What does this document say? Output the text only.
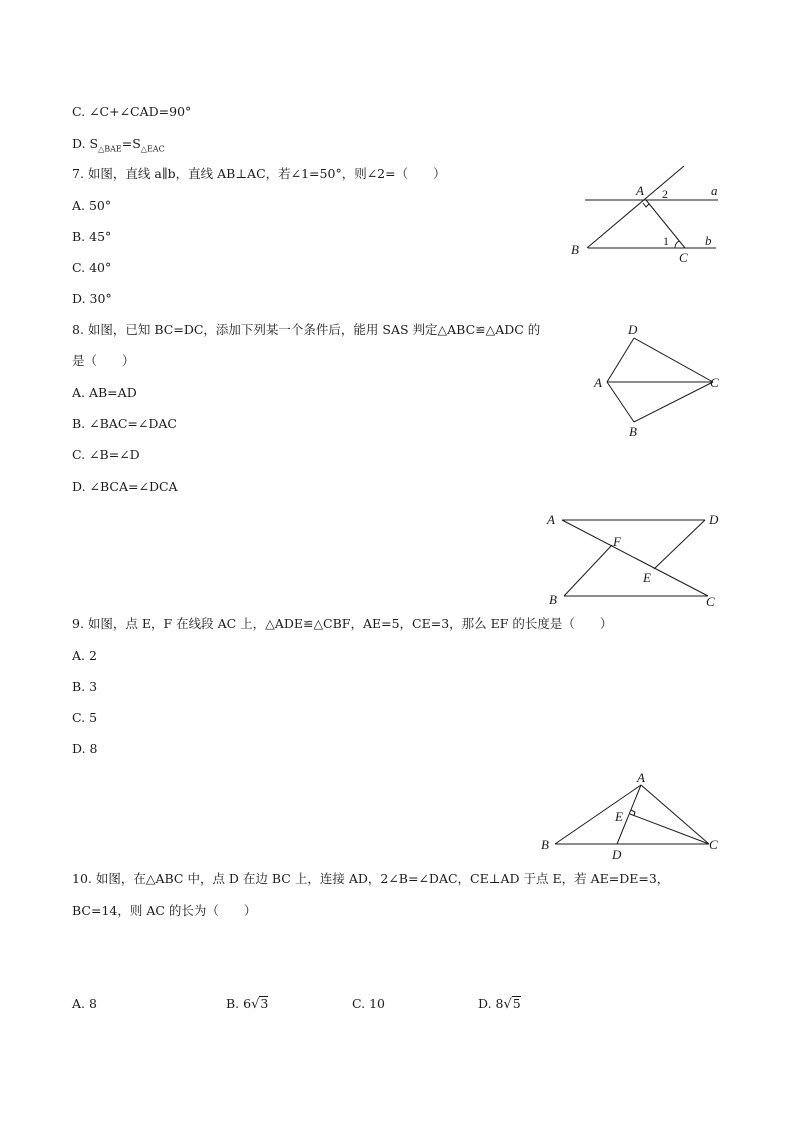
C. ∠C+∠CAD=90°
D. $S_{\triangle BAE}=S_{\triangle EAC}$
7. 如图，直线 a∥b，直线 AB⊥AC，若∠1=50°，则∠2=（　　）
A. 50°
B. 45°
C. 40°
D. 30°
A
B
C
a
b
1
2
8. 如图，已知 BC=DC，添加下列某一个条件后，能用 SAS 判定△ABC≌△ADC 的
是（　　）
A. AB=AD
B. ∠BAC=∠DAC
C. ∠B=∠D
D. ∠BCA=∠DCA
A
B
C
D
A
B	C
D
E
F
9. 如图，点 E，F 在线段 AC 上，△ADE≌△CBF，AE=5，CE=3，那么 EF 的长度是（　　）
A. 2
B. 3
C. 5
D. 8
A
B	C
D
E
10. 如图，在△ABC 中，点 D 在边 BC 上，连接 AD，2∠B=∠DAC，CE⊥AD 于点 E，若 AE=DE=3，
BC=14，则 AC 的长为（　　）
A. 8	B. 6√3	C. 10	D. 8√5
